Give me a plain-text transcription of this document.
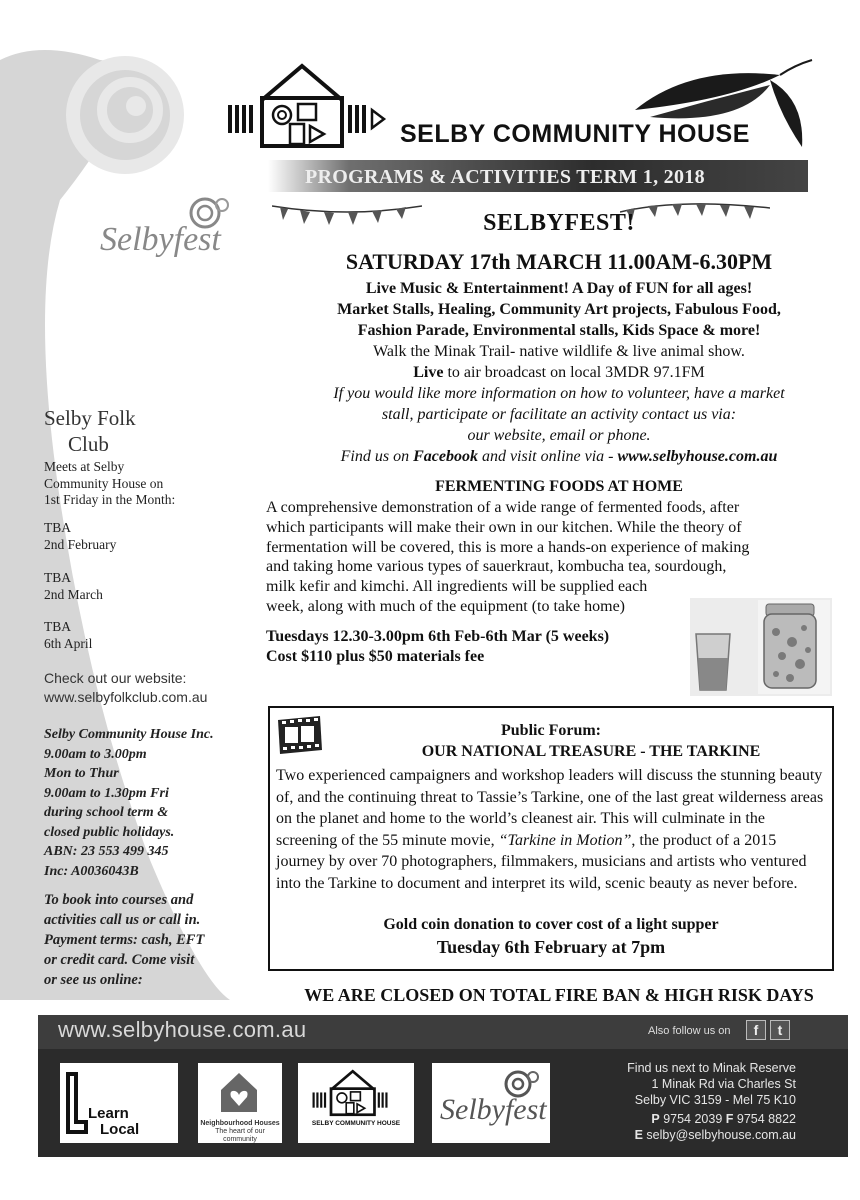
SELBY COMMUNITY HOUSE
PROGRAMS & ACTIVITIES TERM 1, 2018
Selbyfest	SELBYFEST!
SATURDAY 17th MARCH 11.00AM-6.30PM
Live Music & Entertainment! A Day of FUN for all ages!
Market Stalls, Healing, Community Art projects, Fabulous Food,
Fashion Parade, Environmental stalls, Kids Space & more!
Walk the Minak Trail- native wildlife & live animal show.
Live to air broadcast on local 3MDR 97.1FM
If you would like more information on how to volunteer, have a market
stall, participate or facilitate an activity contact us via:
our website, email or phone.
Find us on Facebook and visit online via - www.selbyhouse.com.au
FERMENTING FOODS AT HOME
A comprehensive demonstration of a wide range of fermented foods, after
which participants will make their own in our kitchen. While the theory of
fermentation will be covered, this is more a hands-on experience of making
and taking home various types of sauerkraut, kombucha tea, sourdough,
milk kefir and kimchi. All ingredients will be supplied each
week, along with much of the equipment (to take home)
Tuesdays 12.30-3.00pm 6th Feb-6th Mar (5 weeks)
Cost $110 plus $50 materials fee
Public Forum:
OUR NATIONAL TREASURE - THE TARKINE
Two experienced campaigners and workshop leaders will discuss the stunning beauty of, and the continuing threat to Tassie’s Tarkine, one of the last great wilderness areas on the planet and home to the world’s cleanest air. This will culminate in the screening of the 55 minute movie, “Tarkine in Motion”, the product of a 2015 journey by over 70 photographers, filmmakers, musicians and artists who ventured into the Tarkine to document and interpret its wild, scenic beauty as never before.
Gold coin donation to cover cost of a light supper
Tuesday 6th February at 7pm
WE ARE CLOSED ON TOTAL FIRE BAN & HIGH RISK DAYS
Selby Folk
Club
Meets at Selby
Community House on
1st Friday in the Month:
TBA
2nd February
TBA
2nd March
TBA
6th April
Check out our website:
www.selbyfolkclub.com.au
Selby Community House Inc.
9.00am to 3.00pm
Mon to Thur
9.00am to 1.30pm Fri
during school term &
closed public holidays.
ABN: 23 553 499 345
Inc: A0036043B
To book into courses and
activities call us or call in.
Payment terms: cash, EFT
or credit card. Come visit
or see us online:
www.selbyhouse.com.au	Also follow us on	f	t
Learn
Local	Neighbourhood Houses
The heart of our community
SELBY COMMUNITY HOUSE	Selbyfest
Find us next to Minak Reserve
1 Minak Rd via Charles St
Selby VIC 3159 - Mel 75 K10
P 9754 2039 F 9754 8822
E selby@selbyhouse.com.au
